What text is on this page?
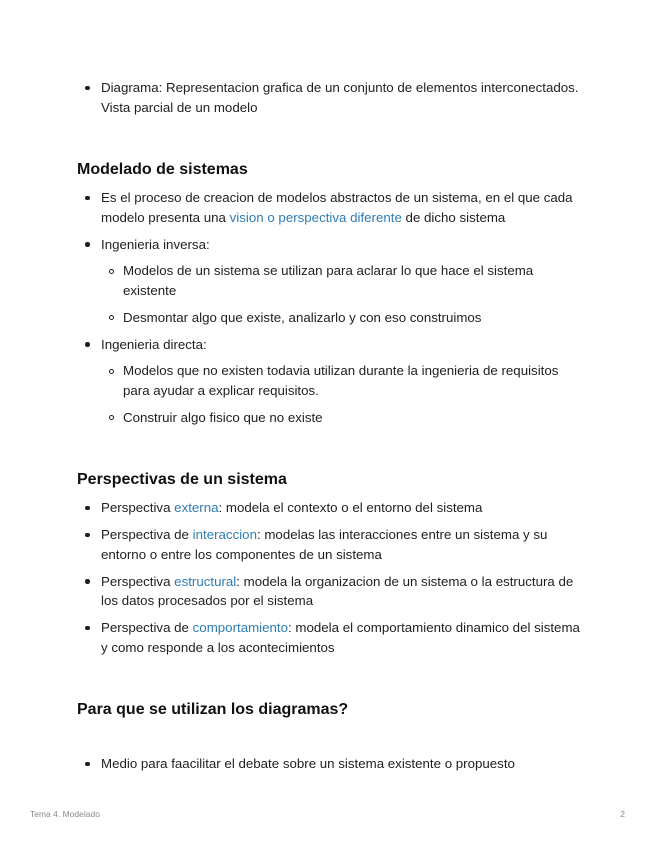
Diagrama: Representacion grafica de un conjunto de elementos interconectados. Vista parcial de un modelo
Modelado de sistemas
Es el proceso de creacion de modelos abstractos de un sistema, en el que cada modelo presenta una vision o perspectiva diferente de dicho sistema
Ingenieria inversa:
Modelos de un sistema se utilizan para aclarar lo que hace el sistema existente
Desmontar algo que existe, analizarlo y con eso construimos
Ingenieria directa:
Modelos que no existen todavia utilizan durante la ingenieria de requisitos para ayudar a explicar requisitos.
Construir algo fisico que no existe
Perspectivas de un sistema
Perspectiva externa: modela el contexto o el entorno del sistema
Perspectiva de interaccion: modelas las interacciones entre un sistema y su entorno o entre los componentes de un sistema
Perspectiva estructural: modela la organizacion de un sistema o la estructura de los datos procesados por el sistema
Perspectiva de comportamiento: modela el comportamiento dinamico del sistema y como responde a los acontecimientos
Para que se utilizan los diagramas?
Medio para faacilitar el debate sobre un sistema existente o propuesto
Tema 4. Modelado	2
